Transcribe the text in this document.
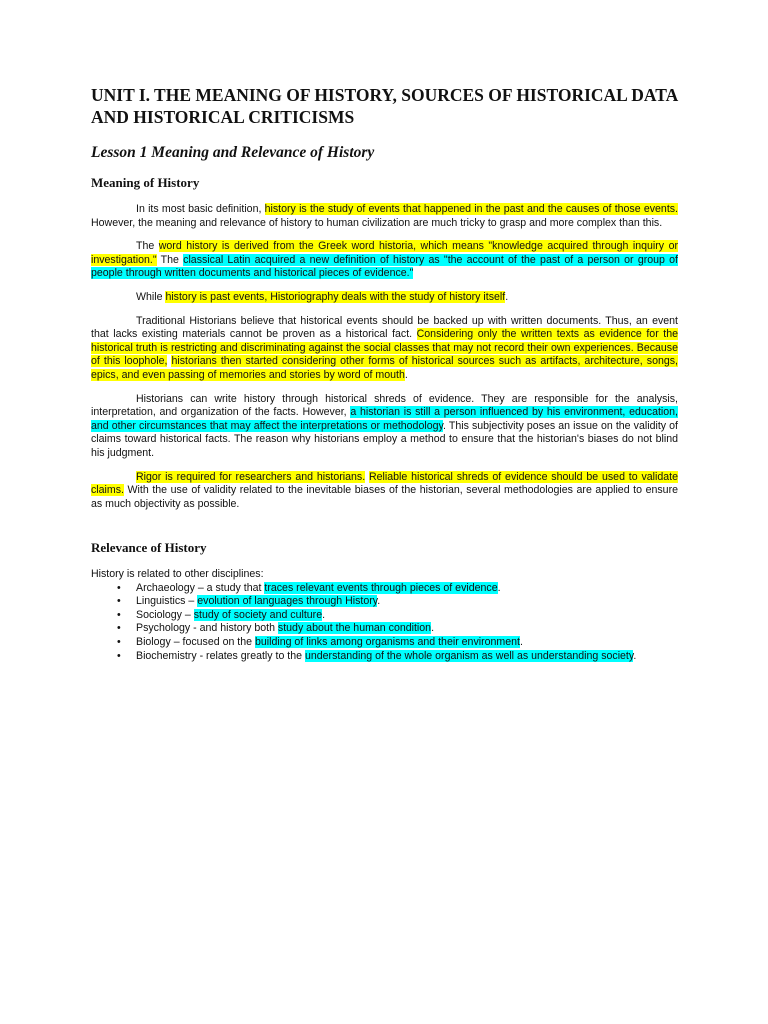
UNIT I. THE MEANING OF HISTORY, SOURCES OF HISTORICAL DATA AND HISTORICAL CRITICISMS
Lesson 1 Meaning and Relevance of History
Meaning of History

In its most basic definition, history is the study of events that happened in the past and the causes of those events. However, the meaning and relevance of history to human civilization are much tricky to grasp and more complex than this.

The word history is derived from the Greek word historia, which means "knowledge acquired through inquiry or investigation." The classical Latin acquired a new definition of history as "the account of the past of a person or group of people through written documents and historical pieces of evidence."

While history is past events, Historiography deals with the study of history itself.

Traditional Historians believe that historical events should be backed up with written documents. Thus, an event that lacks existing materials cannot be proven as a historical fact. Considering only the written texts as evidence for the historical truth is restricting and discriminating against the social classes that may not record their own experiences. Because of this loophole, historians then started considering other forms of historical sources such as artifacts, architecture, songs, epics, and even passing of memories and stories by word of mouth.

Historians can write history through historical shreds of evidence. They are responsible for the analysis, interpretation, and organization of the facts. However, a historian is still a person influenced by his environment, education, and other circumstances that may affect the interpretations or methodology. This subjectivity poses an issue on the validity of claims toward historical facts. The reason why historians employ a method to ensure that the historian's biases do not blind his judgment.

Rigor is required for researchers and historians. Reliable historical shreds of evidence should be used to validate claims. With the use of validity related to the inevitable biases of the historian, several methodologies are applied to ensure as much objectivity as possible.

Relevance of History

History is related to other disciplines:

• Archaeology – a study that traces relevant events through pieces of evidence.
• Linguistics – evolution of languages through History.
• Sociology – study of society and culture.
• Psychology - and history both study about the human condition.
• Biology – focused on the building of links among organisms and their environment.
• Biochemistry - relates greatly to the understanding of the whole organism as well as understanding society.
